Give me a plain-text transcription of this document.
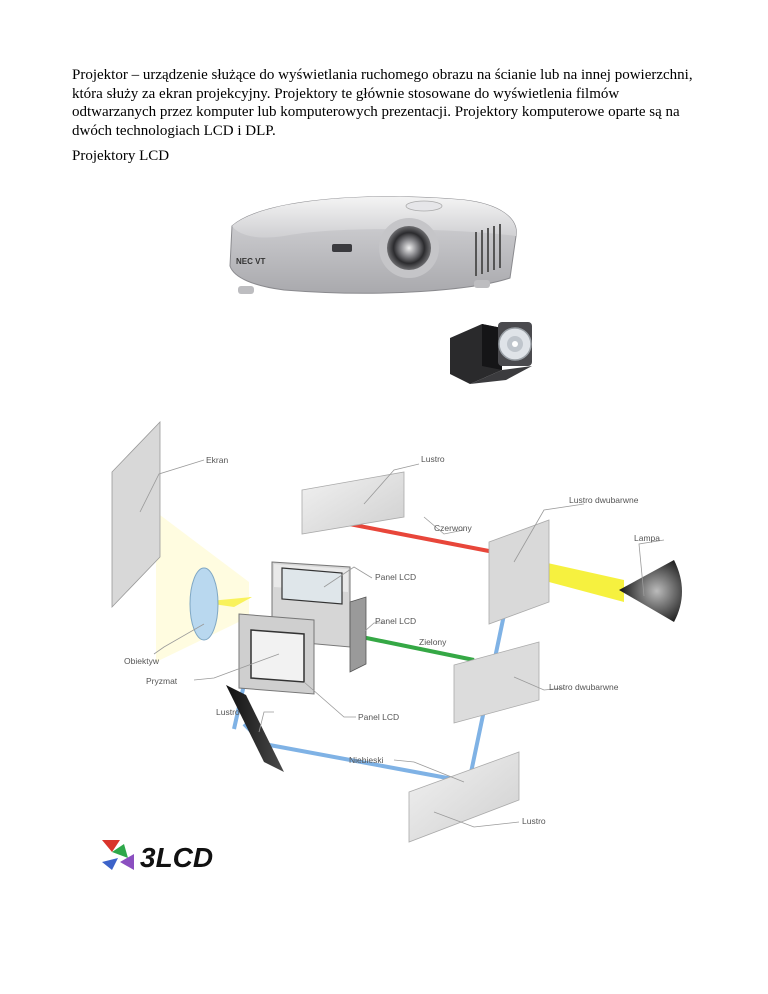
Projektor – urządzenie służące do wyświetlania ruchomego obrazu na ścianie lub na innej powierzchni, która służy za ekran projekcyjny. Projektory te głównie stosowane do wyświetlenia filmów odtwarzanych przez komputer lub komputerowych prezentacji. Projektory komputerowe oparte są na dwóch technologiach LCD i DLP.

Projektory LCD

NEC VT
Ekran	Lustro
Lustro dwubarwne
Czerwony
Lampa
Panel LCD
Panel LCD
Zielony
Obiektyw
Pryzmat
Lustro dwubarwne
Lustro	Panel LCD
Niebieski
Lustro
3LCD
